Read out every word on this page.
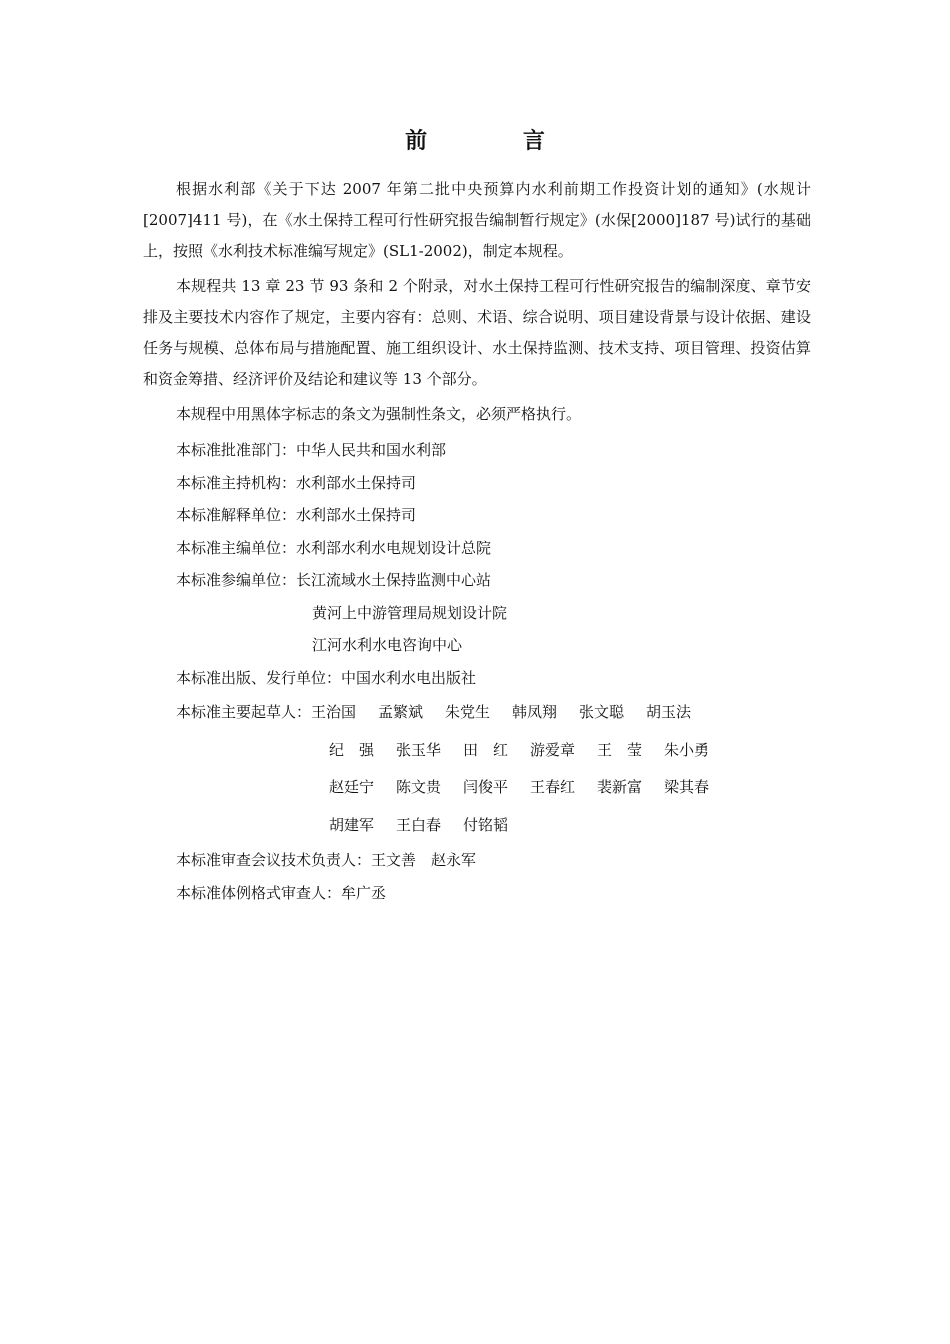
前 言

根据水利部《关于下达 2007 年第二批中央预算内水利前期工作投资计划的通知》(水规计[2007]411 号)，在《水土保持工程可行性研究报告编制暂行规定》(水保[2000]187 号)试行的基础上，按照《水利技术标准编写规定》(SL1-2002)，制定本规程。

本规程共 13 章 23 节 93 条和 2 个附录，对水土保持工程可行性研究报告的编制深度、章节安排及主要技术内容作了规定，主要内容有：总则、术语、综合说明、项目建设背景与设计依据、建设任务与规模、总体布局与措施配置、施工组织设计、水土保持监测、技术支持、项目管理、投资估算和资金筹措、经济评价及结论和建议等 13 个部分。

本规程中用黑体字标志的条文为强制性条文，必须严格执行。

本标准批准部门：中华人民共和国水利部
本标准主持机构：水利部水土保持司
本标准解释单位：水利部水土保持司
本标准主编单位：水利部水利水电规划设计总院
本标准参编单位：长江流域水土保持监测中心站
黄河上中游管理局规划设计院
江河水利水电咨询中心
本标准出版、发行单位：中国水利水电出版社
本标准主要起草人：王治国 孟繁斌 朱党生 韩凤翔 张文聪 胡玉法
纪　强 张玉华 田　红 游爱章 王　莹 朱小勇
赵廷宁 陈文贵 闫俊平 王春红 裴新富 梁其春
胡建军 王白春 付铭韬
本标准审查会议技术负责人：王文善　赵永军
本标准体例格式审查人：牟广丞
